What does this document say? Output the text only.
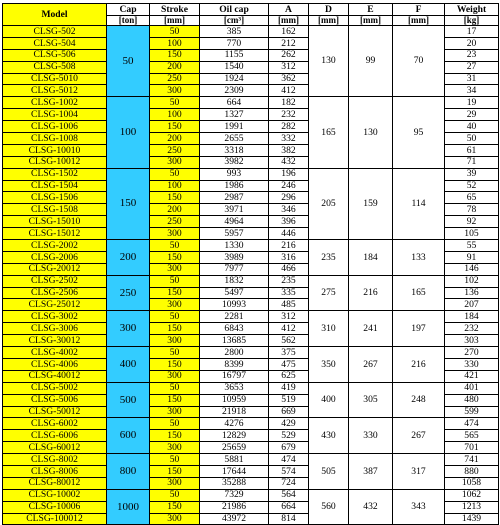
Model	Cap	Stroke	Oil cap	A	D	E	F	Weight
	[ton]	[mm]	[cm³]	[mm]	[mm]	[mm]	[mm]	[kg]
CLSG-502	50	50	385	162	130	99	70	17
CLSG-504		100	770	212				20
CLSG-506		150	1155	262				23
CLSG-508		200	1540	312				27
CLSG-5010		250	1924	362				31
CLSG-5012		300	2309	412				34
CLSG-1002	100	50	664	182	165	130	95	19
CLSG-1004		100	1327	232				29
CLSG-1006		150	1991	282				40
CLSG-1008		200	2655	332				50
CLSG-10010		250	3318	382				61
CLSG-10012		300	3982	432				71
CLSG-1502	150	50	993	196	205	159	114	39
CLSG-1504		100	1986	246				52
CLSG-1506		150	2987	296				65
CLSG-1508		200	3971	346				78
CLSG-15010		250	4964	396				92
CLSG-15012		300	5957	446				105
CLSG-2002	200	50	1330	216	235	184	133	55
CLSG-2006		150	3989	316				91
CLSG-20012		300	7977	466				146
CLSG-2502	250	50	1832	235	275	216	165	102
CLSG-2506		150	5497	335				136
CLSG-25012		300	10993	485				207
CLSG-3002	300	50	2281	312	310	241	197	184
CLSG-3006		150	6843	412				232
CLSG-30012		300	13685	562				303
CLSG-4002	400	50	2800	375	350	267	216	270
CLSG-4006		150	8399	475				330
CLSG-40012		300	16797	625				421
CLSG-5002	500	50	3653	419	400	305	248	401
CLSG-5006		150	10959	519				480
CLSG-50012		300	21918	669				599
CLSG-6002	600	50	4276	429	430	330	267	474
CLSG-6006		150	12829	529				565
CLSG-60012		300	25659	679				701
CLSG-8002	800	50	5881	474	505	387	317	741
CLSG-8006		150	17644	574				880
CLSG-80012		300	35288	724				1058
CLSG-10002	1000	50	7329	564	560	432	343	1062
CLSG-10006		150	21986	664				1213
CLSG-100012		300	43972	814				1439
